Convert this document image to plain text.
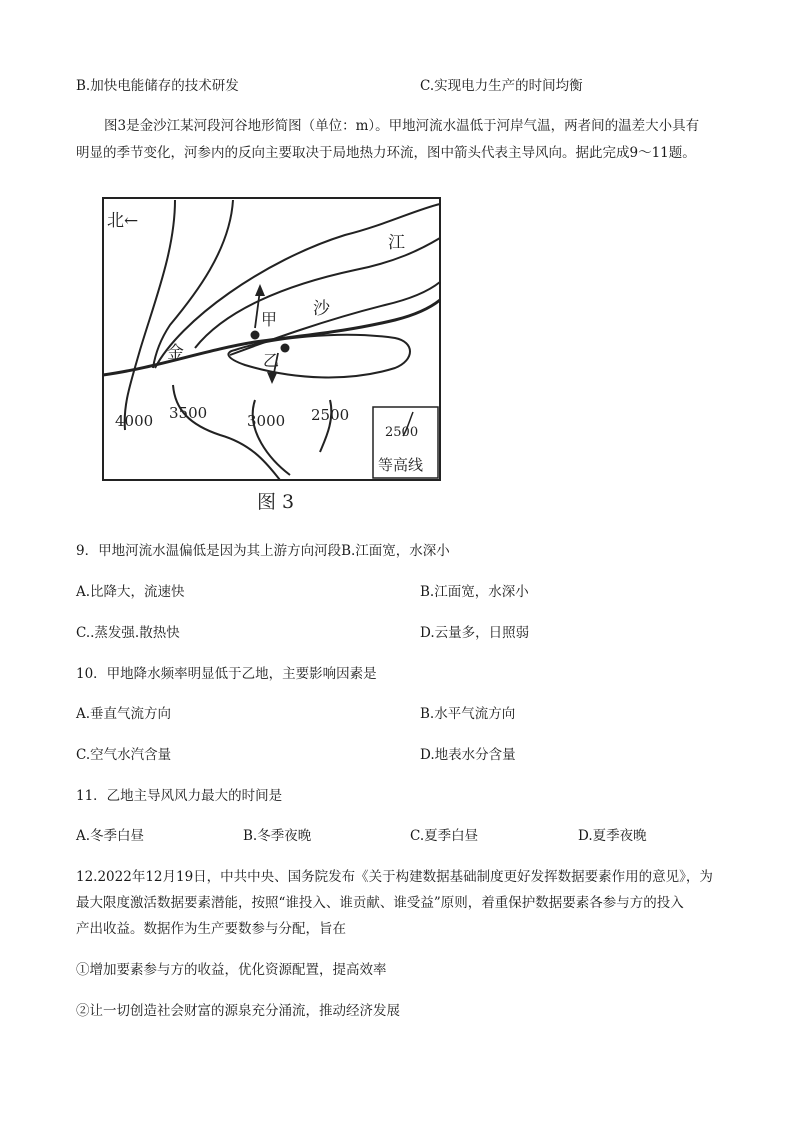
B.加快电能储存的技术研发	C.实现电力生产的时间均衡
图3是金沙江某河段河谷地形简图（单位：m）。甲地河流水温低于河岸气温，两者间的温差大小具有
明显的季节变化，河参内的反向主要取决于局地热力环流，图中箭头代表主导风向。据此完成9～11题。
北←
江
沙
金
甲
乙
4000 3500	3000 2500
2500
等高线
图 3
9．甲地河流水温偏低是因为其上游方向河段B.江面宽，水深小
A.比降大，流速快	B.江面宽，水深小
C..蒸发强.散热快	D.云量多，日照弱
10．甲地降水频率明显低于乙地，主要影响因素是
A.垂直气流方向	B.水平气流方向
C.空气水汽含量	D.地表水分含量
11．乙地主导风风力最大的时间是
A.冬季白昼	B.冬季夜晚	C.夏季白昼	D.夏季夜晚
12.2022年12月19日，中共中央、国务院发布《关于构建数据基础制度更好发挥数据要素作用的意见》，为
最大限度激活数据要素潜能，按照“谁投入、谁贡献、谁受益”原则，着重保护数据要素各参与方的投入
产出收益。数据作为生产要数参与分配，旨在
①增加要素参与方的收益，优化资源配置，提高效率
②让一切创造社会财富的源泉充分涌流，推动经济发展
